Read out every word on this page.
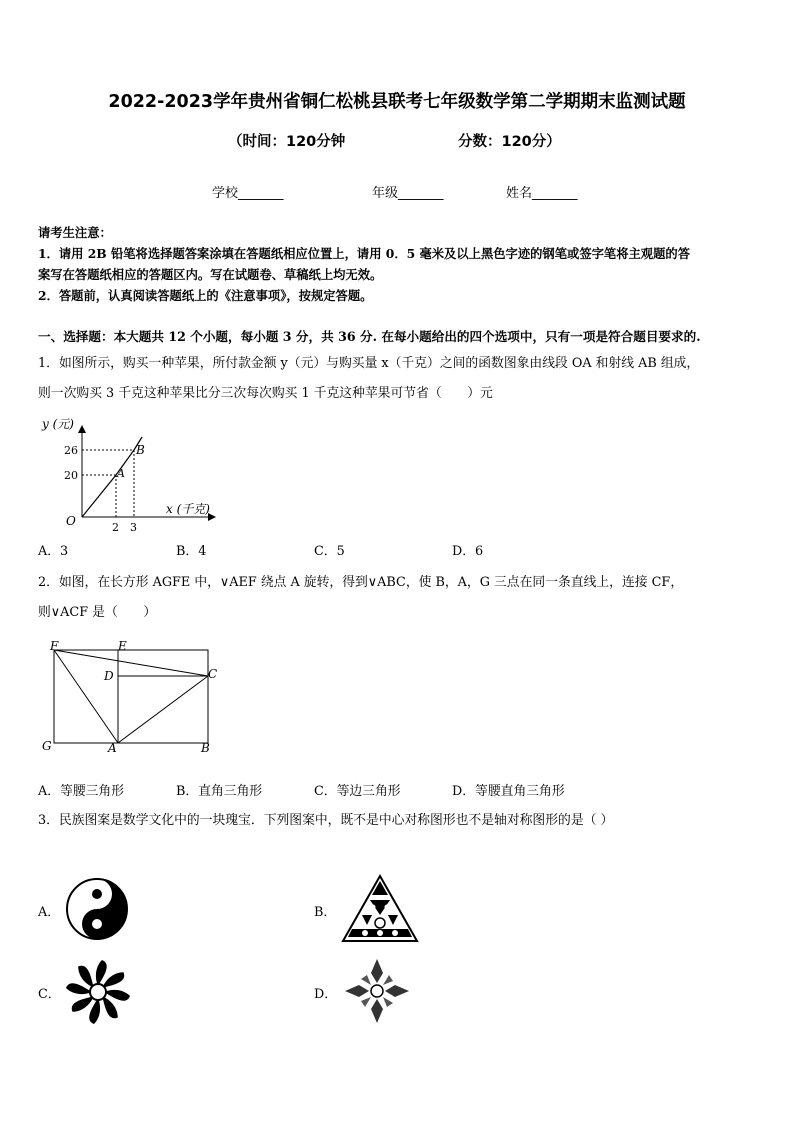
2022-2023学年贵州省铜仁松桃县联考七年级数学第二学期期末监测试题
（时间：120分钟	分数：120分）
学校_______	年级_______	姓名_______
请考生注意：
1．请用 2B 铅笔将选择题答案涂填在答题纸相应位置上，请用 0．5 毫米及以上黑色字迹的钢笔或签字笔将主观题的答
案写在答题纸相应的答题区内。写在试题卷、草稿纸上均无效。
2．答题前，认真阅读答题纸上的《注意事项》，按规定答题。
一、选择题：本大题共 12 个小题，每小题 3 分，共 36 分. 在每小题给出的四个选项中，只有一项是符合题目要求的.
1．如图所示，购买一种苹果，所付款金额 y（元）与购买量 x（千克）之间的函数图象由线段 OA 和射线 AB 组成，
则一次购买 3 千克这种苹果比分三次每次购买 1 千克这种苹果可节省（　　）元
y (元)
x (千克)
26
20
2 3
O
A
B
A．3	B．4	C．5	D．6
2．如图，在长方形 AGFE 中，∨AEF 绕点 A 旋转，得到∨ABC，使 B，A，G 三点在同一条直线上，连接 CF，
则∨ACF 是（　　）
F	E
D	C
G	A	B
A．等腰三角形	B．直角三角形	C．等边三角形	D．等腰直角三角形
3．民族图案是数学文化中的一块瑰宝．下列图案中，既不是中心对称图形也不是轴对称图形的是（ ）
A．	B．
C．	D．
